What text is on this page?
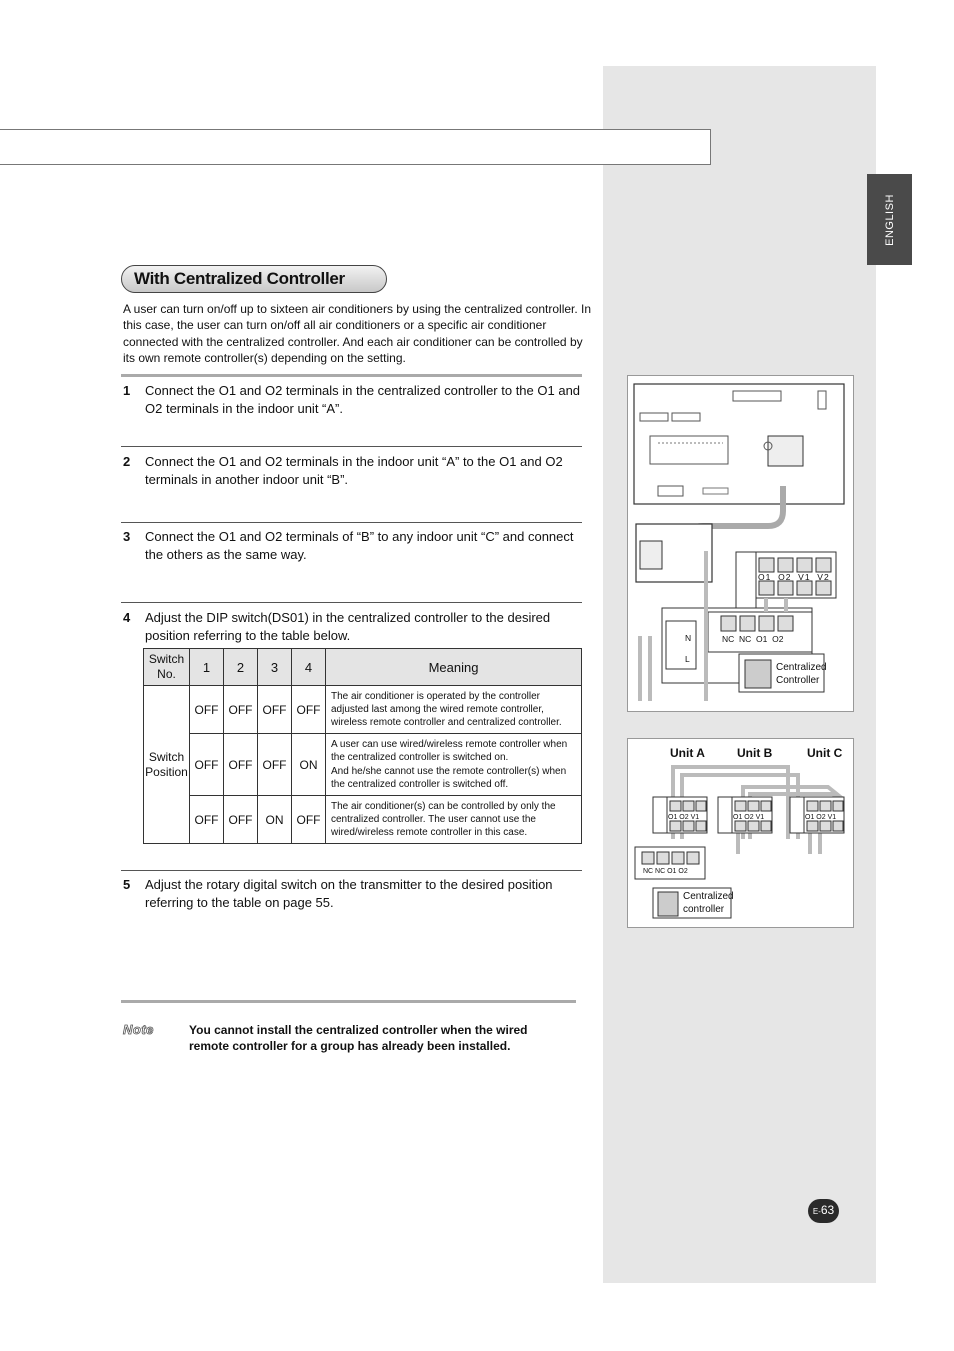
ENGLISH
With Centralized Controller
A user can turn on/off up to sixteen air conditioners by using the centralized controller. In this case, the user can turn on/off all air conditioners or a specific air conditioner connected with the centralized controller. And each air conditioner can be controlled by its own remote controller(s) depending on the setting.
1 Connect the O1 and O2 terminals in the centralized controller to the O1 and O2 terminals in the indoor unit “A”.
2 Connect the O1 and O2 terminals in the indoor unit “A” to the O1 and O2 terminals in another indoor unit “B”.
3 Connect the O1 and O2 terminals of “B” to any indoor unit “C” and connect the others as the same way.
4 Adjust the DIP switch(DS01) in the centralized controller to the desired position referring to the table below.
Switch No.	1	2	3	4	Meaning
Switch Position	OFF	OFF	OFF	OFF	The air conditioner is operated by the controller adjusted last among the wired remote controller, wireless remote controller and centralized controller.
	OFF	OFF	OFF	ON	A user can use wired/wireless remote controller when the centralized controller is switched on.
And he/she cannot use the remote controller(s) when the centralized controller is switched off.

	OFF	OFF	ON	OFF	The air conditioner(s) can be controlled by only the centralized controller. The user cannot use the wired/wireless remote controller in this case.
5 Adjust the rotary digital switch on the transmitter to the desired position referring to the table on page 55.
Note	You cannot install the centralized controller when the wired remote controller for a group has already been installed.
O1 O2 V1 V2
NC NC O1 O2
N
L
Centralized Controller
Unit A	Unit B	Unit C
O1 O2 V1	O1 O2 V1	O1 O2 V1
NC NC O1 O2
Centralized controller
E-63
